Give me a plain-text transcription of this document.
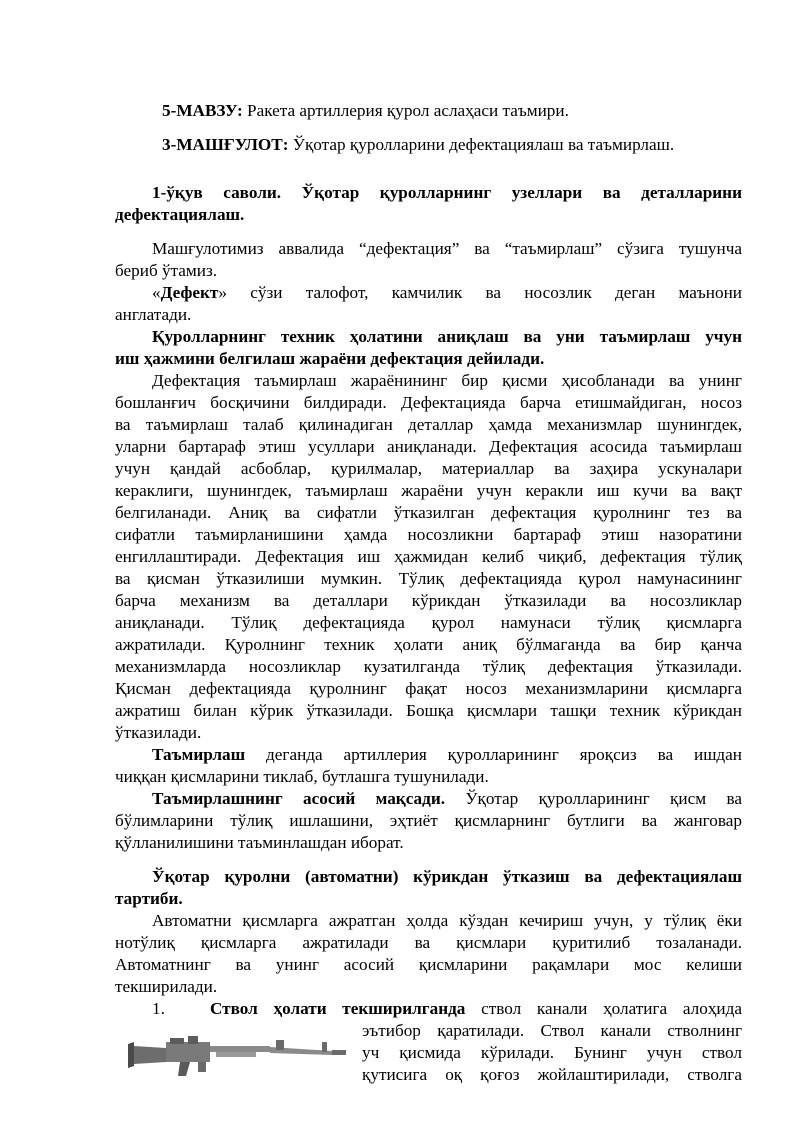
5-МАВЗУ: Ракета артиллерия қурол аслаҳаси таъмири.
3-МАШҒУЛОТ: Ўқотар қуролларини дефектациялаш ва таъмирлаш.
1-ўқув саволи. Ўқотар қуролларнинг узеллари ва деталларини
дефектациялаш.
Машғулотимиз аввалида “дефектация” ва “таъмирлаш” сўзига тушунча
бериб ўтамиз.
«Дефект» сўзи талофот, камчилик ва носозлик деган маънони
англатади.
Қуролларнинг техник ҳолатини аниқлаш ва уни таъмирлаш учун
иш ҳажмини белгилаш жараёни дефектация дейилади.
Дефектация таъмирлаш жараёнининг бир қисми ҳисобланади ва унинг
бошланғич босқичини билдиради. Дефектацияда барча етишмайдиган, носоз
ва таъмирлаш талаб қилинадиган деталлар ҳамда механизмлар шунингдек,
уларни бартараф этиш усуллари аниқланади. Дефектация асосида таъмирлаш
учун қандай асбоблар, қурилмалар, материаллар ва заҳира ускуналари
кераклиги, шунингдек, таъмирлаш жараёни учун керакли иш кучи ва вақт
белгиланади. Аниқ ва сифатли ўтказилган дефектация қуролнинг тез ва
сифатли таъмирланишини ҳамда носозликни бартараф этиш назоратини
енгиллаштиради. Дефектация иш ҳажмидан келиб чиқиб, дефектация тўлиқ
ва қисман ўтказилиши мумкин. Тўлиқ дефектацияда қурол намунасининг
барча механизм ва деталлари кўрикдан ўтказилади ва носозликлар
аниқланади. Тўлиқ дефектацияда қурол намунаси тўлиқ қисмларга
ажратилади. Қуролнинг техник ҳолати аниқ бўлмаганда ва бир қанча
механизмларда носозликлар кузатилганда тўлиқ дефектация ўтказилади.
Қисман дефектацияда қуролнинг фақат носоз механизмларини қисмларга
ажратиш билан кўрик ўтказилади. Бошқа қисмлари ташқи техник кўрикдан
ўтказилади.
Таъмирлаш деганда артиллерия қуролларининг яроқсиз ва ишдан
чиққан қисмларини тиклаб, бутлашга тушунилади.
Таъмирлашнинг асосий мақсади. Ўқотар қуролларининг қисм ва
бўлимларини тўлиқ ишлашини, эҳтиёт қисмларнинг бутлиги ва жанговар
қўлланилишини таъминлашдан иборат.
Ўқотар қуролни (автоматни) кўрикдан ўтказиш ва дефектациялаш
тартиби.
Автоматни қисмларга ажратган ҳолда кўздан кечириш учун, у тўлиқ ёки
нотўлиқ қисмларга ажратилади ва қисмлари қуритилиб тозаланади.
Автоматнинг ва унинг асосий қисмларини рақамлари мос келиши
текширилади.
1.	Ствол ҳолати текширилганда ствол канали ҳолатига алоҳида
эътибор қаратилади. Ствол канали стволнинг
уч қисмида кўрилади. Бунинг учун ствол
қутисига оқ қоғоз жойлаштирилади, стволга
